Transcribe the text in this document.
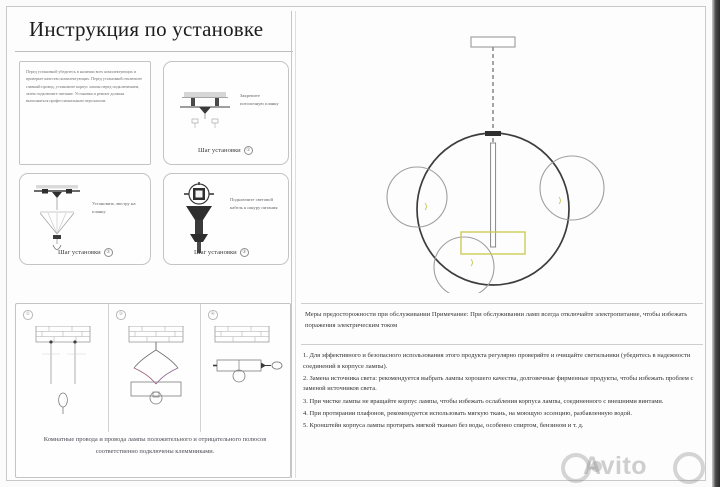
Инструкция по установке
Перед установкой убедитесь в наличии всех комплектующих и проверьте качество комплектующих. Перед установкой отключите главный провод, установите корпус лампы перед подключением, затем подключите питание. Установка и ремонт должны выполняться профессиональным персоналом.
Закрепите потолочную планку
Шаг установки ①
Установить люстру на планку
Шаг установки ②
Подключите световой кабель к шнуру питания
Шаг установки ③
②	③	④
Комнатные провода и провода лампы положительного и отрицательного полюсов соответственно подключены клеммниками.
Меры предосторожности при обслуживании Примечание: При обслуживании ламп всегда отключайте электропитание, чтобы избежать поражения электрическим током

1. Для эффективного и безопасного использования этого продукта регулярно проверяйте и очищайте светильники (убедитесь в надежности соединений в корпусе лампы).

2. Замена источника света: рекомендуется выбрать лампы хорошего качества, долговечные фирменные продукты, чтобы избежать проблем с заменой источников света.

3. При чистке лампы не вращайте корпус лампы, чтобы избежать ослабления корпуса лампы, соединенного с внешними винтами.

4. При протирании плафонов, рекомендуется использовать мягкую ткань, на моющую эссенцию, разбавленную водой.

5. Кронштейн корпуса лампы протирать мягкой тканью без воды, особенно спиртом, бензином и т. д.

Avito
